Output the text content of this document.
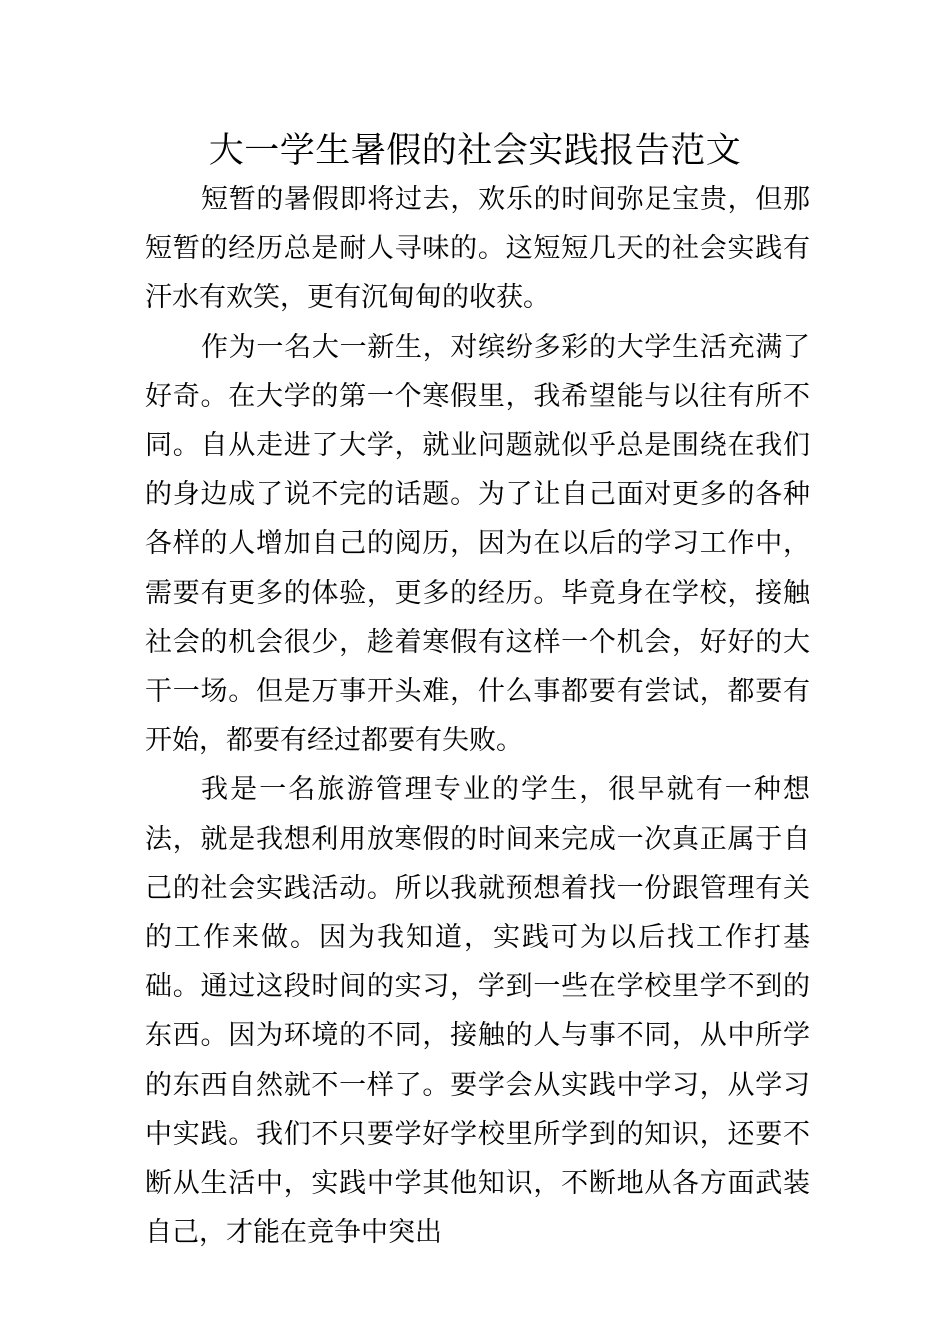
大一学生暑假的社会实践报告范文

短暂的暑假即将过去，欢乐的时间弥足宝贵，但那短暂的经历总是耐人寻味的。这短短几天的社会实践有汗水有欢笑，更有沉甸甸的收获。

作为一名大一新生，对缤纷多彩的大学生活充满了好奇。在大学的第一个寒假里，我希望能与以往有所不同。自从走进了大学，就业问题就似乎总是围绕在我们的身边成了说不完的话题。为了让自己面对更多的各种各样的人增加自己的阅历，因为在以后的学习工作中，需要有更多的体验，更多的经历。毕竟身在学校，接触社会的机会很少，趁着寒假有这样一个机会，好好的大干一场。但是万事开头难，什么事都要有尝试，都要有开始，都要有经过都要有失败。

我是一名旅游管理专业的学生，很早就有一种想法，就是我想利用放寒假的时间来完成一次真正属于自己的社会实践活动。所以我就预想着找一份跟管理有关的工作来做。因为我知道，实践可为以后找工作打基础。通过这段时间的实习，学到一些在学校里学不到的东西。因为环境的不同，接触的人与事不同，从中所学的东西自然就不一样了。要学会从实践中学习，从学习中实践。我们不只要学好学校里所学到的知识，还要不断从生活中，实践中学其他知识，不断地从各方面武装自己，才能在竞争中突出
